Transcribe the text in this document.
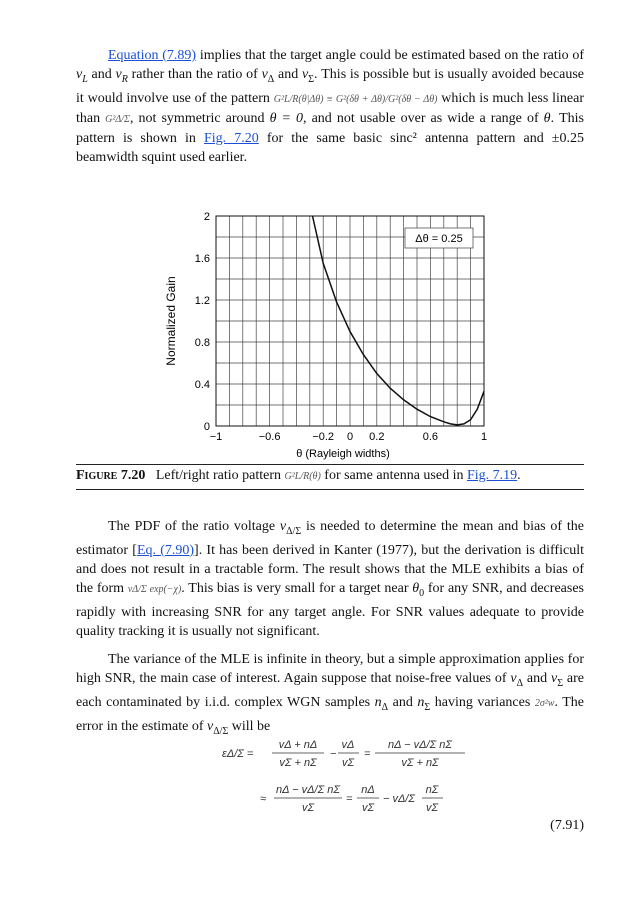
Equation (7.89) implies that the target angle could be estimated based on the ratio of $v_L$ and $v_R$ rather than the ratio of $v_\Delta$ and $v_\Sigma$. This is possible but is usually avoided because it would involve use of the pattern G²L/R(θ|Δθ) ≡ G²(δθ + Δθ)/G²(δθ − Δθ) which is much less linear than G²Δ/Σ, not symmetric around θ = 0, and not usable over as wide a range of θ. This pattern is shown in Fig. 7.20 for the same basic sinc² antenna pattern and ±0.25 beamwidth squint used earlier.

−1	−0.6	−0.2 0 0.2	0.6	1
0
0.4
0.8
1.2
1.6
2
Δθ = 0.25
Normalized Gain
θ (Rayleigh widths)
Figure 7.20 Left/right ratio pattern G²L/R(θ) for same antenna used in Fig. 7.19.

The PDF of the ratio voltage $v_{\Delta/\Sigma}$ is needed to determine the mean and bias of the estimator [Eq. (7.90)]. It has been derived in Kanter (1977), but the derivation is difficult and does not result in a tractable form. The result shows that the MLE exhibits a bias of the form vΔ/Σ exp(−χ). This bias is very small for a target near $\theta_0$ for any SNR, and decreases rapidly with increasing SNR for any target angle. For SNR values adequate to provide quality tracking it is usually not significant.

The variance of the MLE is infinite in theory, but a simple approximation applies for high SNR, the main case of interest. Again suppose that noise-free values of $v_\Delta$ and $v_\Sigma$ are each contaminated by i.i.d. complex WGN samples $n_\Delta$ and $n_\Sigma$ having variances 2σ²w. The error in the estimate of $v_{\Delta/\Sigma}$ will be

εΔ/Σ =
vΔ + nΔ
vΣ + nΣ
−
vΔ
vΣ
=
nΔ − vΔ/Σ nΣ
vΣ + nΣ
≈
nΔ − vΔ/Σ nΣ
vΣ
=
nΔ
vΣ
− vΔ/Σ
nΣ
vΣ
(7.91)
